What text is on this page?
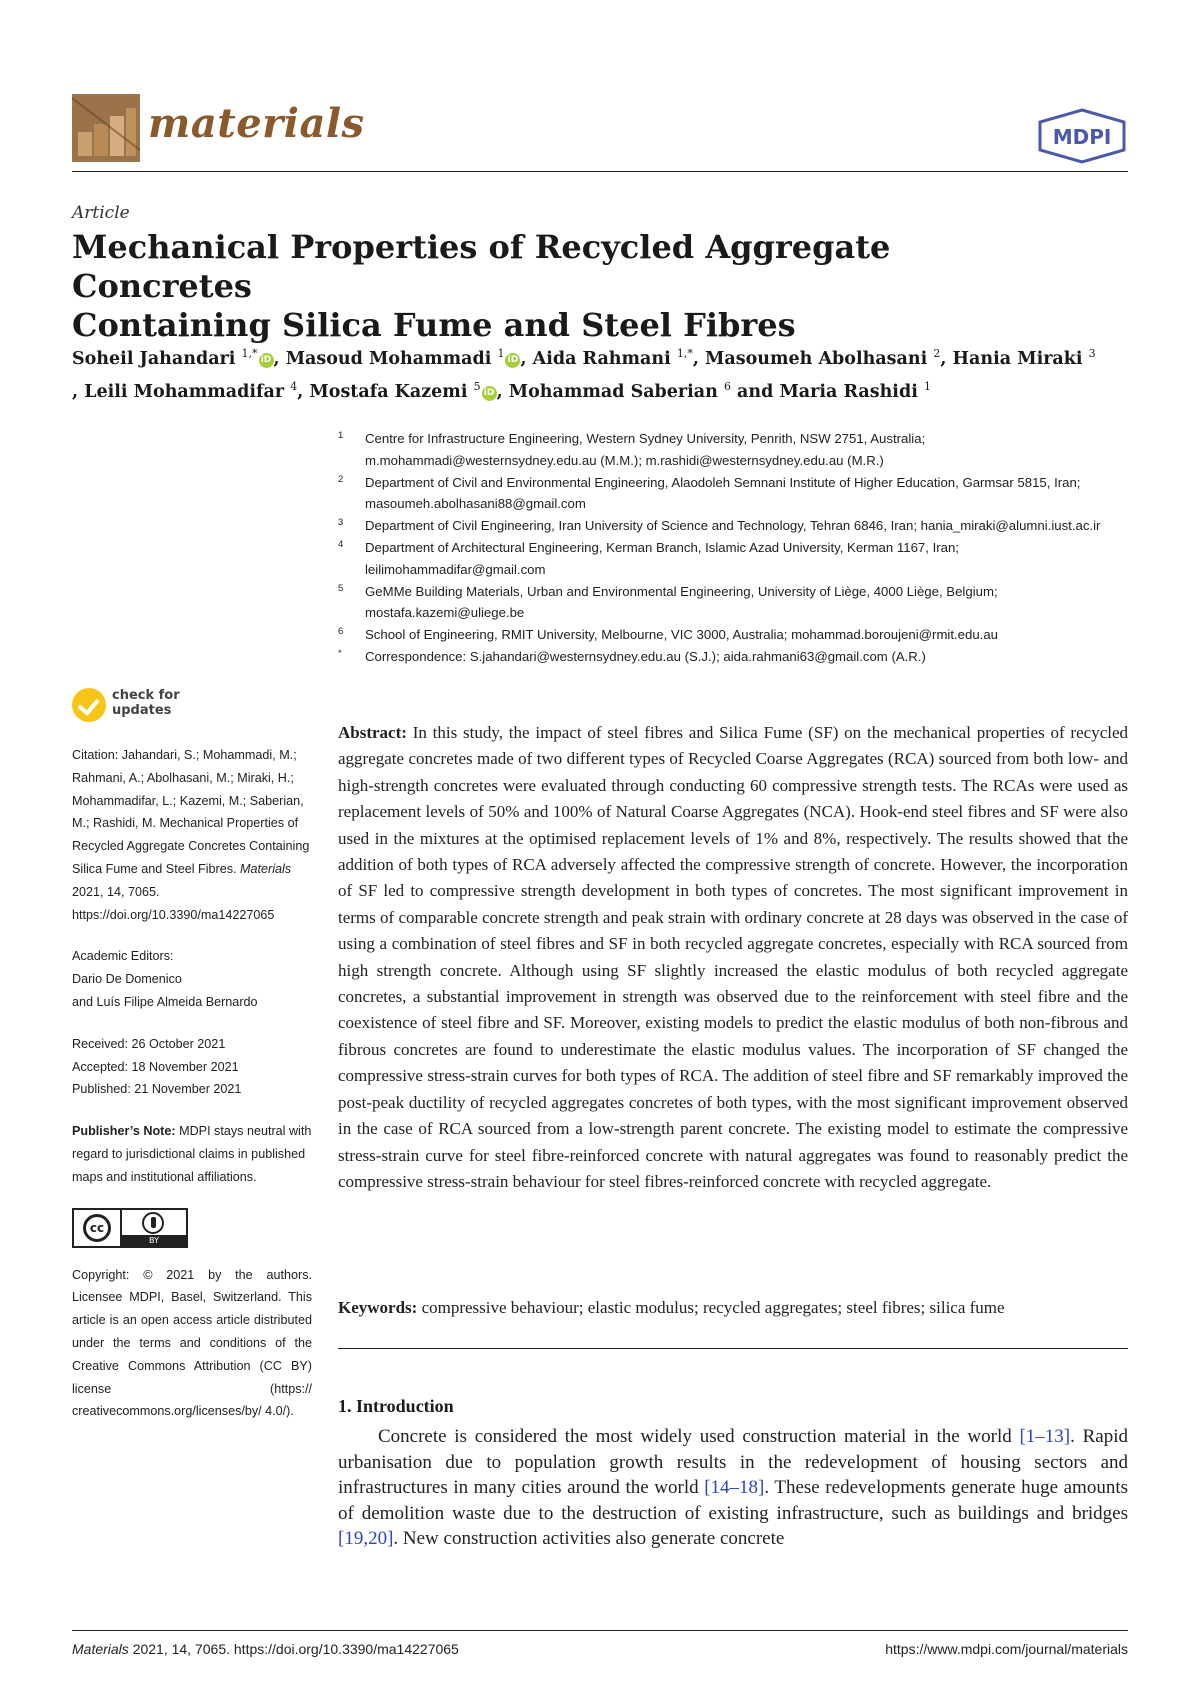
materials	MDPI
Article
Mechanical Properties of Recycled Aggregate Concretes
Containing Silica Fume and Steel Fibres
Soheil Jahandari $^{1,*}$ iD , Masoud Mohammadi $^1$ iD , Aida Rahmani $^{1,*}$, Masoumeh Abolhasani $^2$, Hania Miraki $^3$
, Leili Mohammadifar $^4$, Mostafa Kazemi $^5$ iD , Mohammad Saberian $^6$ and Maria Rashidi $^1$
1 Centre for Infrastructure Engineering, Western Sydney University, Penrith, NSW 2751, Australia; m.mohammadi@westernsydney.edu.au (M.M.); m.rashidi@westernsydney.edu.au (M.R.)
2 Department of Civil and Environmental Engineering, Alaodoleh Semnani Institute of Higher Education, Garmsar 5815, Iran; masoumeh.abolhasani88@gmail.com
3 Department of Civil Engineering, Iran University of Science and Technology, Tehran 6846, Iran; hania_miraki@alumni.iust.ac.ir
4 Department of Architectural Engineering, Kerman Branch, Islamic Azad University, Kerman 1167, Iran; leilimohammadifar@gmail.com
5 GeMMe Building Materials, Urban and Environmental Engineering, University of Liège, 4000 Liège, Belgium; mostafa.kazemi@uliege.be
6 School of Engineering, RMIT University, Melbourne, VIC 3000, Australia; mohammad.boroujeni@rmit.edu.au
* Correspondence: S.jahandari@westernsydney.edu.au (S.J.); aida.rahmani63@gmail.com (A.R.)
check for
updates
Citation: Jahandari, S.; Mohammadi, M.; Rahmani, A.; Abolhasani, M.; Miraki, H.; Mohammadifar, L.; Kazemi, M.; Saberian, M.; Rashidi, M. Mechanical Properties of Recycled Aggregate Concretes Containing Silica Fume and Steel Fibres. Materials 2021, 14, 7065. https://doi.org/10.3390/ma14227065
Academic Editors:
Dario De Domenico
and Luís Filipe Almeida Bernardo
Received: 26 October 2021
Accepted: 18 November 2021
Published: 21 November 2021
Publisher’s Note: MDPI stays neutral with regard to jurisdictional claims in published maps and institutional affiliations.
cc
BY
Copyright: © 2021 by the authors. Licensee MDPI, Basel, Switzerland. This article is an open access article distributed under the terms and conditions of the Creative Commons Attribution (CC BY) license (https:// creativecommons.org/licenses/by/ 4.0/).
Abstract: In this study, the impact of steel fibres and Silica Fume (SF) on the mechanical properties of recycled aggregate concretes made of two different types of Recycled Coarse Aggregates (RCA) sourced from both low- and high-strength concretes were evaluated through conducting 60 compressive strength tests. The RCAs were used as replacement levels of 50% and 100% of Natural Coarse Aggregates (NCA). Hook-end steel fibres and SF were also used in the mixtures at the optimised replacement levels of 1% and 8%, respectively. The results showed that the addition of both types of RCA adversely affected the compressive strength of concrete. However, the incorporation of SF led to compressive strength development in both types of concretes. The most significant improvement in terms of comparable concrete strength and peak strain with ordinary concrete at 28 days was observed in the case of using a combination of steel fibres and SF in both recycled aggregate concretes, especially with RCA sourced from high strength concrete. Although using SF slightly increased the elastic modulus of both recycled aggregate concretes, a substantial improvement in strength was observed due to the reinforcement with steel fibre and the coexistence of steel fibre and SF. Moreover, existing models to predict the elastic modulus of both non-fibrous and fibrous concretes are found to underestimate the elastic modulus values. The incorporation of SF changed the compressive stress-strain curves for both types of RCA. The addition of steel fibre and SF remarkably improved the post-peak ductility of recycled aggregates concretes of both types, with the most significant improvement observed in the case of RCA sourced from a low-strength parent concrete. The existing model to estimate the compressive stress-strain curve for steel fibre-reinforced concrete with natural aggregates was found to reasonably predict the compressive stress-strain behaviour for steel fibres-reinforced concrete with recycled aggregate.
Keywords: compressive behaviour; elastic modulus; recycled aggregates; steel fibres; silica fume
1. Introduction
Concrete is considered the most widely used construction material in the world [1–13]. Rapid urbanisation due to population growth results in the redevelopment of housing sectors and infrastructures in many cities around the world [14–18]. These redevelopments generate huge amounts of demolition waste due to the destruction of existing infrastructure, such as buildings and bridges [19,20]. New construction activities also generate concrete
Materials 2021, 14, 7065. https://doi.org/10.3390/ma14227065	https://www.mdpi.com/journal/materials
